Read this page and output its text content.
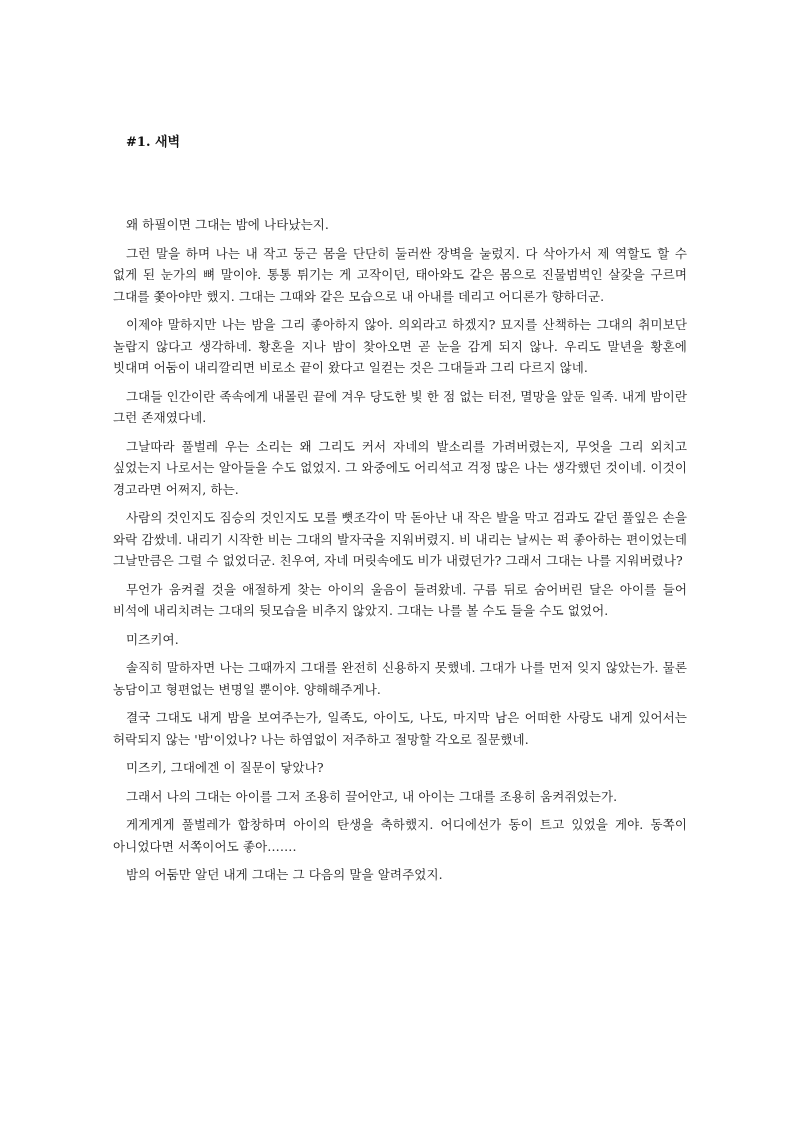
#1. 새벽

왜 하필이면 그대는 밤에 나타났는지.

그런 말을 하며 나는 내 작고 둥근 몸을 단단히 둘러싼 장벽을 눌렀지. 다 삭아가서 제 역할도 할 수 없게 된 눈가의 뼈 말이야. 통통 튀기는 게 고작이던, 태아와도 같은 몸으로 진물범벅인 살갗을 구르며 그대를 쫓아야만 했지. 그대는 그때와 같은 모습으로 내 아내를 데리고 어디론가 향하더군.

이제야 말하지만 나는 밤을 그리 좋아하지 않아. 의외라고 하겠지? 묘지를 산책하는 그대의 취미보단 놀랍지 않다고 생각하네. 황혼을 지나 밤이 찾아오면 곧 눈을 감게 되지 않나. 우리도 말년을 황혼에 빗대며 어둠이 내리깔리면 비로소 끝이 왔다고 일컫는 것은 그대들과 그리 다르지 않네.

그대들 인간이란 족속에게 내몰린 끝에 겨우 당도한 빛 한 점 없는 터전, 멸망을 앞둔 일족. 내게 밤이란 그런 존재였다네.

그날따라 풀벌레 우는 소리는 왜 그리도 커서 자네의 발소리를 가려버렸는지, 무엇을 그리 외치고 싶었는지 나로서는 알아들을 수도 없었지. 그 와중에도 어리석고 걱정 많은 나는 생각했던 것이네. 이것이 경고라면 어쩌지, 하는.

사람의 것인지도 짐승의 것인지도 모를 뼛조각이 막 돋아난 내 작은 발을 막고 검과도 같던 풀잎은 손을 와락 감쌌네. 내리기 시작한 비는 그대의 발자국을 지워버렸지. 비 내리는 날씨는 퍽 좋아하는 편이었는데 그날만큼은 그럴 수 없었더군. 친우여, 자네 머릿속에도 비가 내렸던가? 그래서 그대는 나를 지워버렸나?

무언가 움켜쥘 것을 애절하게 찾는 아이의 울음이 들려왔네. 구름 뒤로 숨어버린 달은 아이를 들어 비석에 내리치려는 그대의 뒷모습을 비추지 않았지. 그대는 나를 볼 수도 들을 수도 없었어.

미즈키여.

솔직히 말하자면 나는 그때까지 그대를 완전히 신용하지 못했네. 그대가 나를 먼저 잊지 않았는가. 물론 농담이고 형편없는 변명일 뿐이야. 양해해주게나.

결국 그대도 내게 밤을 보여주는가, 일족도, 아이도, 나도, 마지막 남은 어떠한 사랑도 내게 있어서는 허락되지 않는 '밤'이었나? 나는 하염없이 저주하고 절망할 각오로 질문했네.

미즈키, 그대에겐 이 질문이 닿았나?

그래서 나의 그대는 아이를 그저 조용히 끌어안고, 내 아이는 그대를 조용히 움켜쥐었는가.

게게게게 풀벌레가 합창하며 아이의 탄생을 축하했지. 어디에선가 동이 트고 있었을 게야. 동쪽이 아니었다면 서쪽이어도 좋아…….

밤의 어둠만 알던 내게 그대는 그 다음의 말을 알려주었지.
